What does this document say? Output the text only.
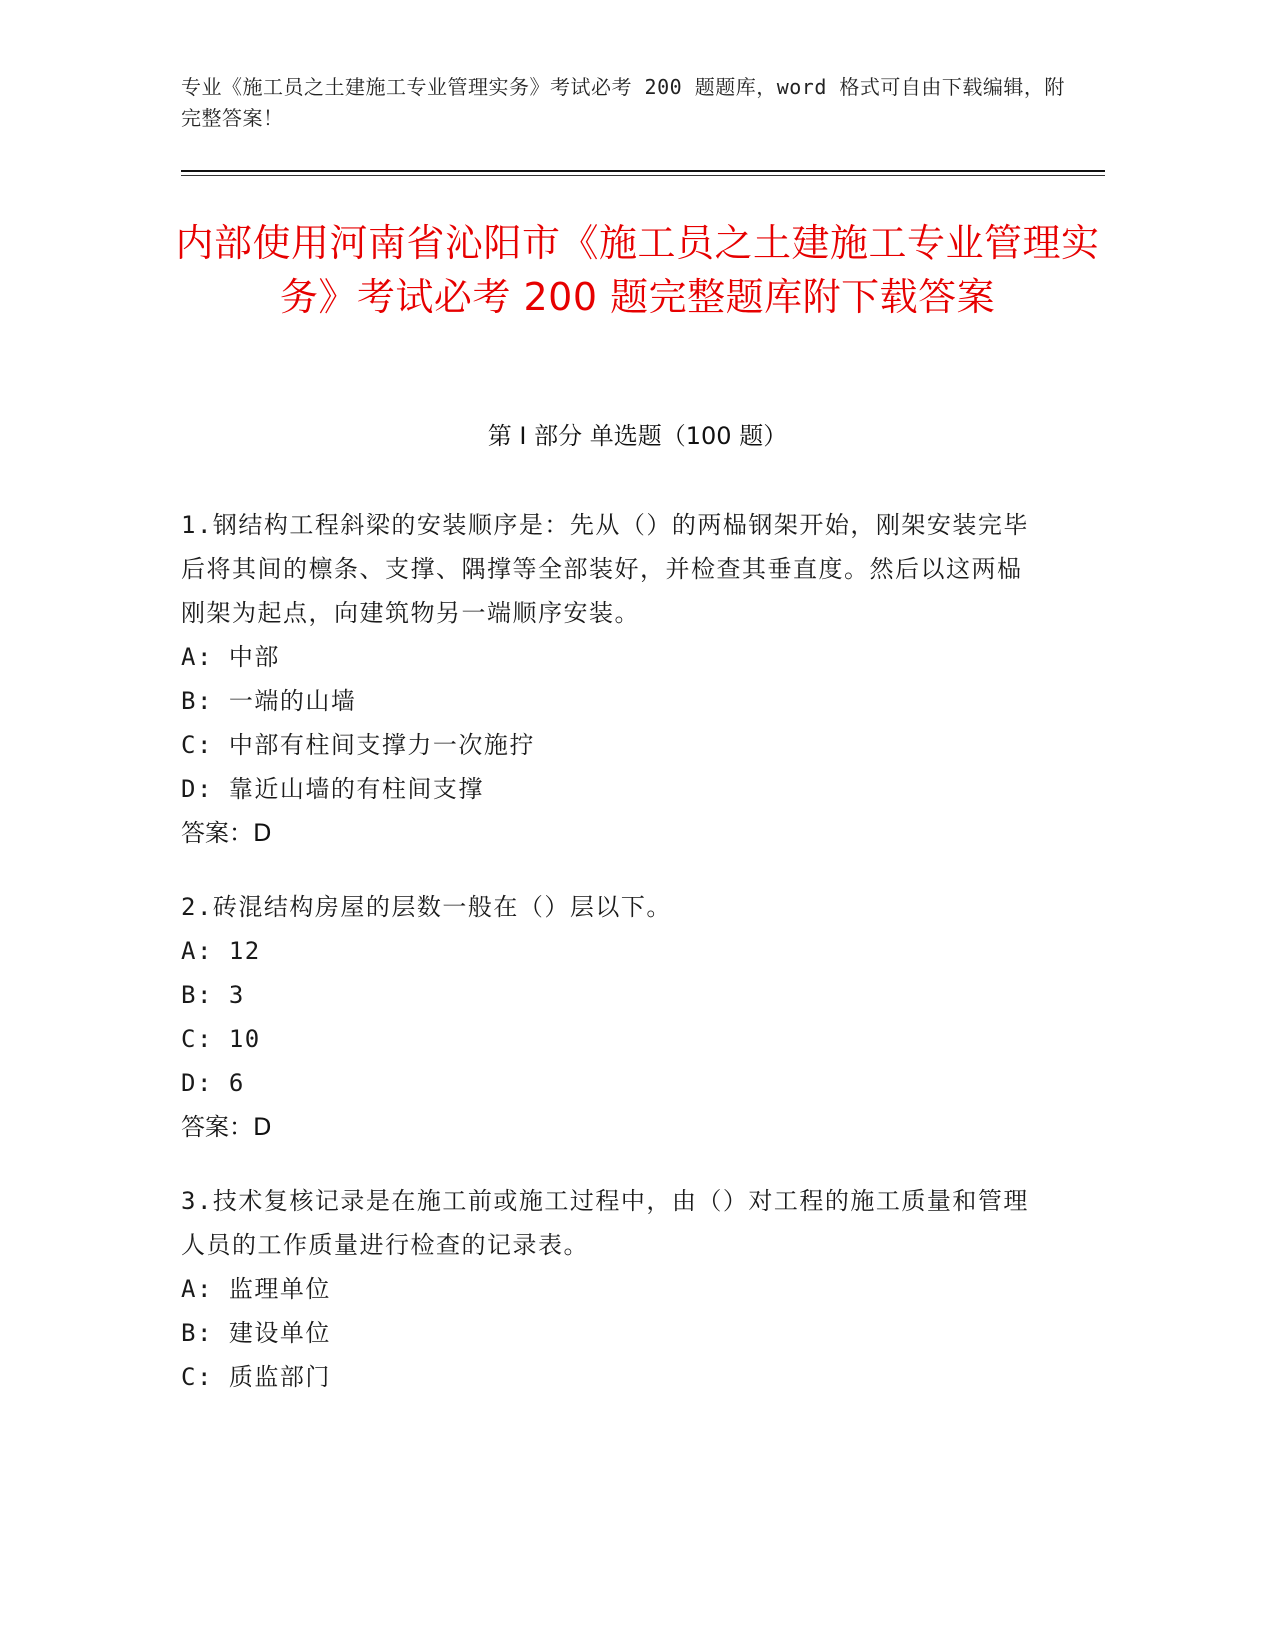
专业《施工员之土建施工专业管理实务》考试必考 200 题题库，word 格式可自由下载编辑，附完整答案！
内部使用河南省沁阳市《施工员之土建施工专业管理实务》考试必考 200 题完整题库附下载答案
第 I 部分 单选题（100 题）
1.钢结构工程斜梁的安装顺序是：先从（）的两榀钢架开始，刚架安装完毕后将其间的檩条、支撑、隅撑等全部装好，并检查其垂直度。然后以这两榀刚架为起点，向建筑物另一端顺序安装。
A: 中部
B: 一端的山墙
C: 中部有柱间支撑力一次施拧
D: 靠近山墙的有柱间支撑
答案：D
2.砖混结构房屋的层数一般在（）层以下。
A: 12
B: 3
C: 10
D: 6
答案：D
3.技术复核记录是在施工前或施工过程中，由（）对工程的施工质量和管理人员的工作质量进行检查的记录表。
A: 监理单位
B: 建设单位
C: 质监部门
